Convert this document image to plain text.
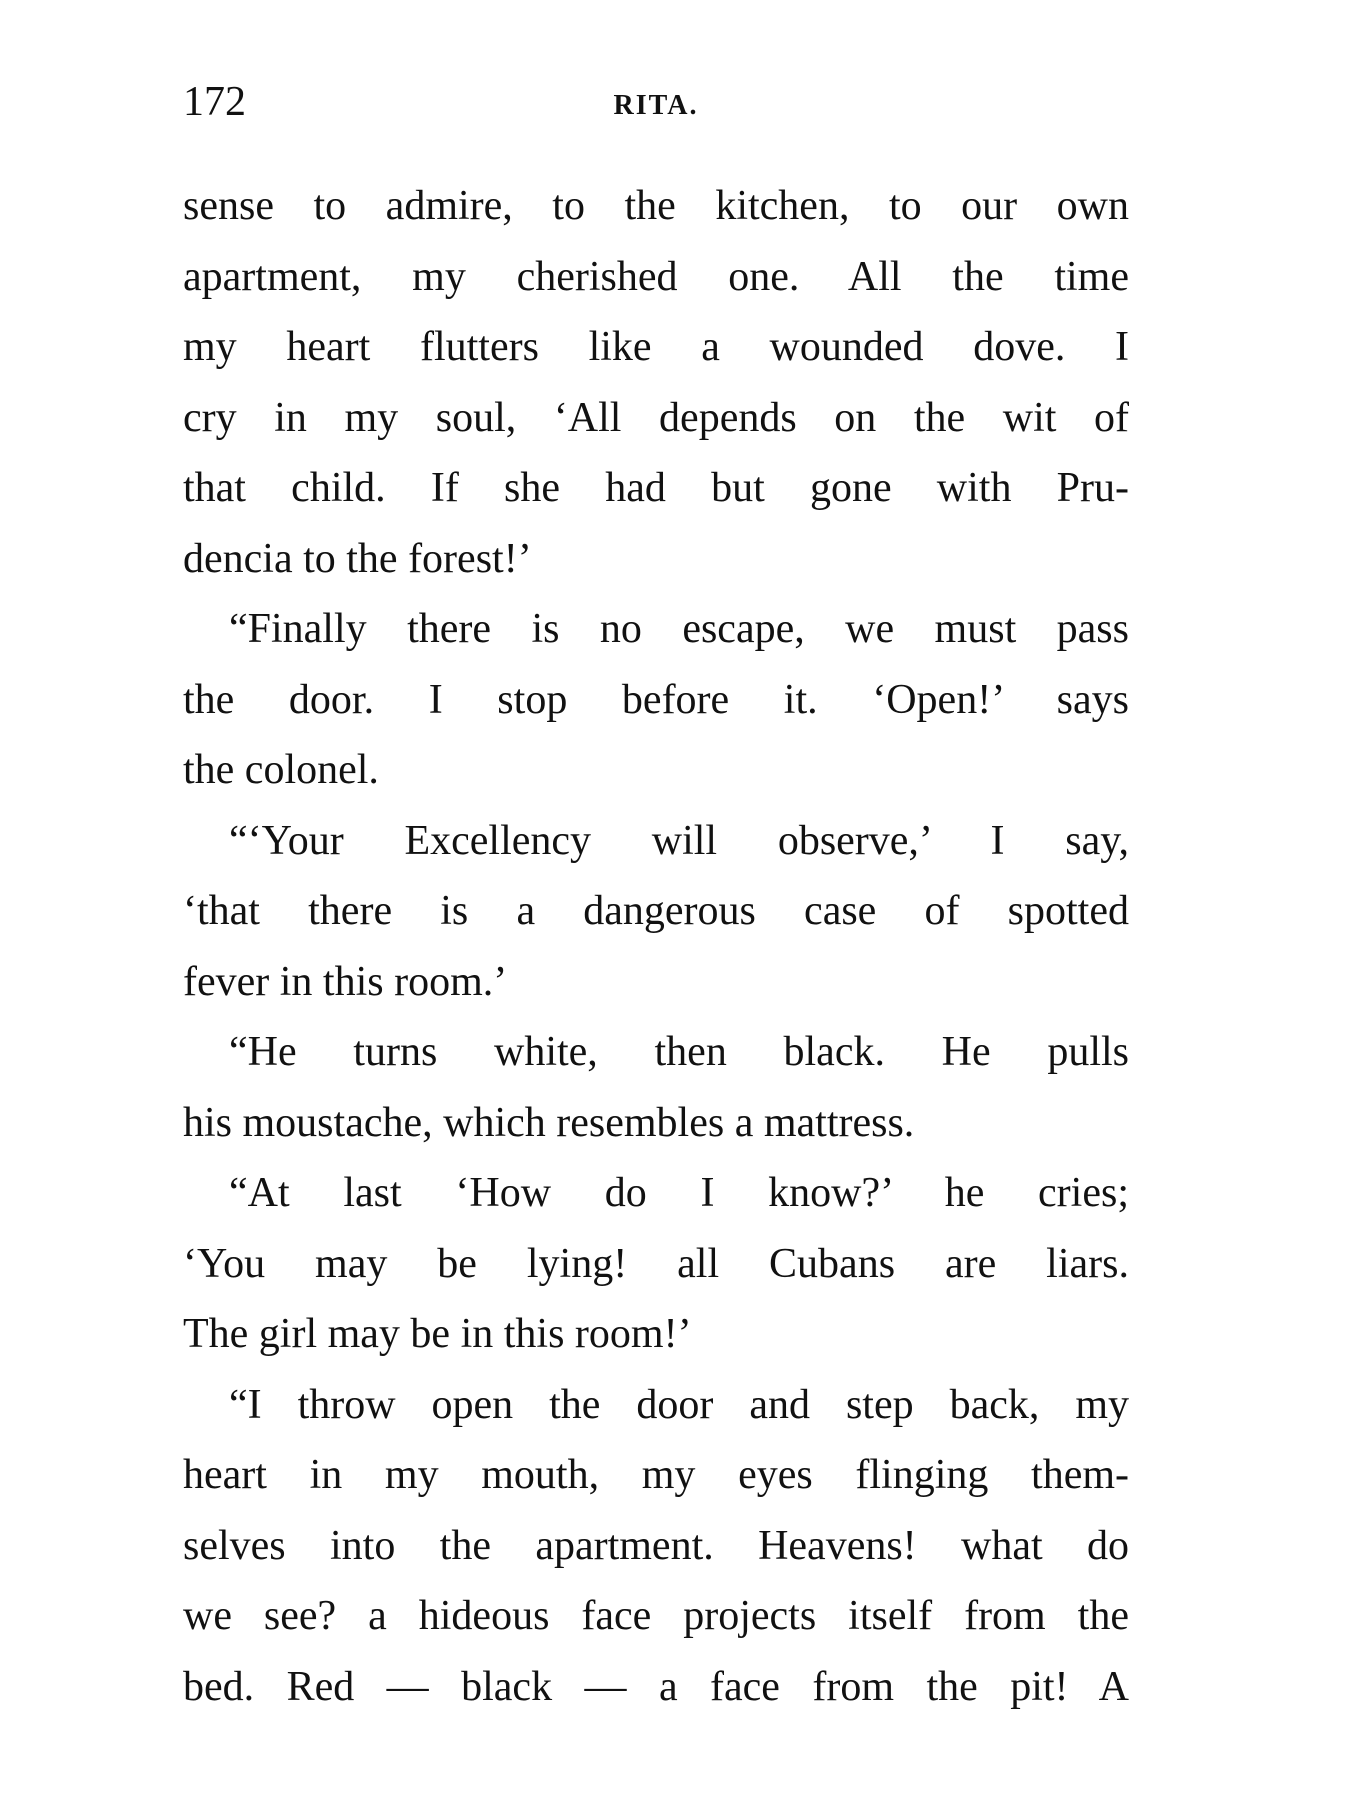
172	RITA.
sense to admire, to the kitchen, to our own
apartment, my cherished one. All the time
my heart flutters like a wounded dove. I
cry in my soul, ‘All depends on the wit of
that child. If she had but gone with Pru-
dencia to the forest!’
“Finally there is no escape, we must pass
the door. I stop before it. ‘Open!’ says
the colonel.
“‘Your Excellency will observe,’ I say,
‘that there is a dangerous case of spotted
fever in this room.’
“He turns white, then black. He pulls
his moustache, which resembles a mattress.
“At last ‘How do I know?’ he cries;
‘You may be lying! all Cubans are liars.
The girl may be in this room!’
“I throw open the door and step back, my
heart in my mouth, my eyes flinging them-
selves into the apartment. Heavens! what do
we see? a hideous face projects itself from the
bed. Red — black — a face from the pit! A
